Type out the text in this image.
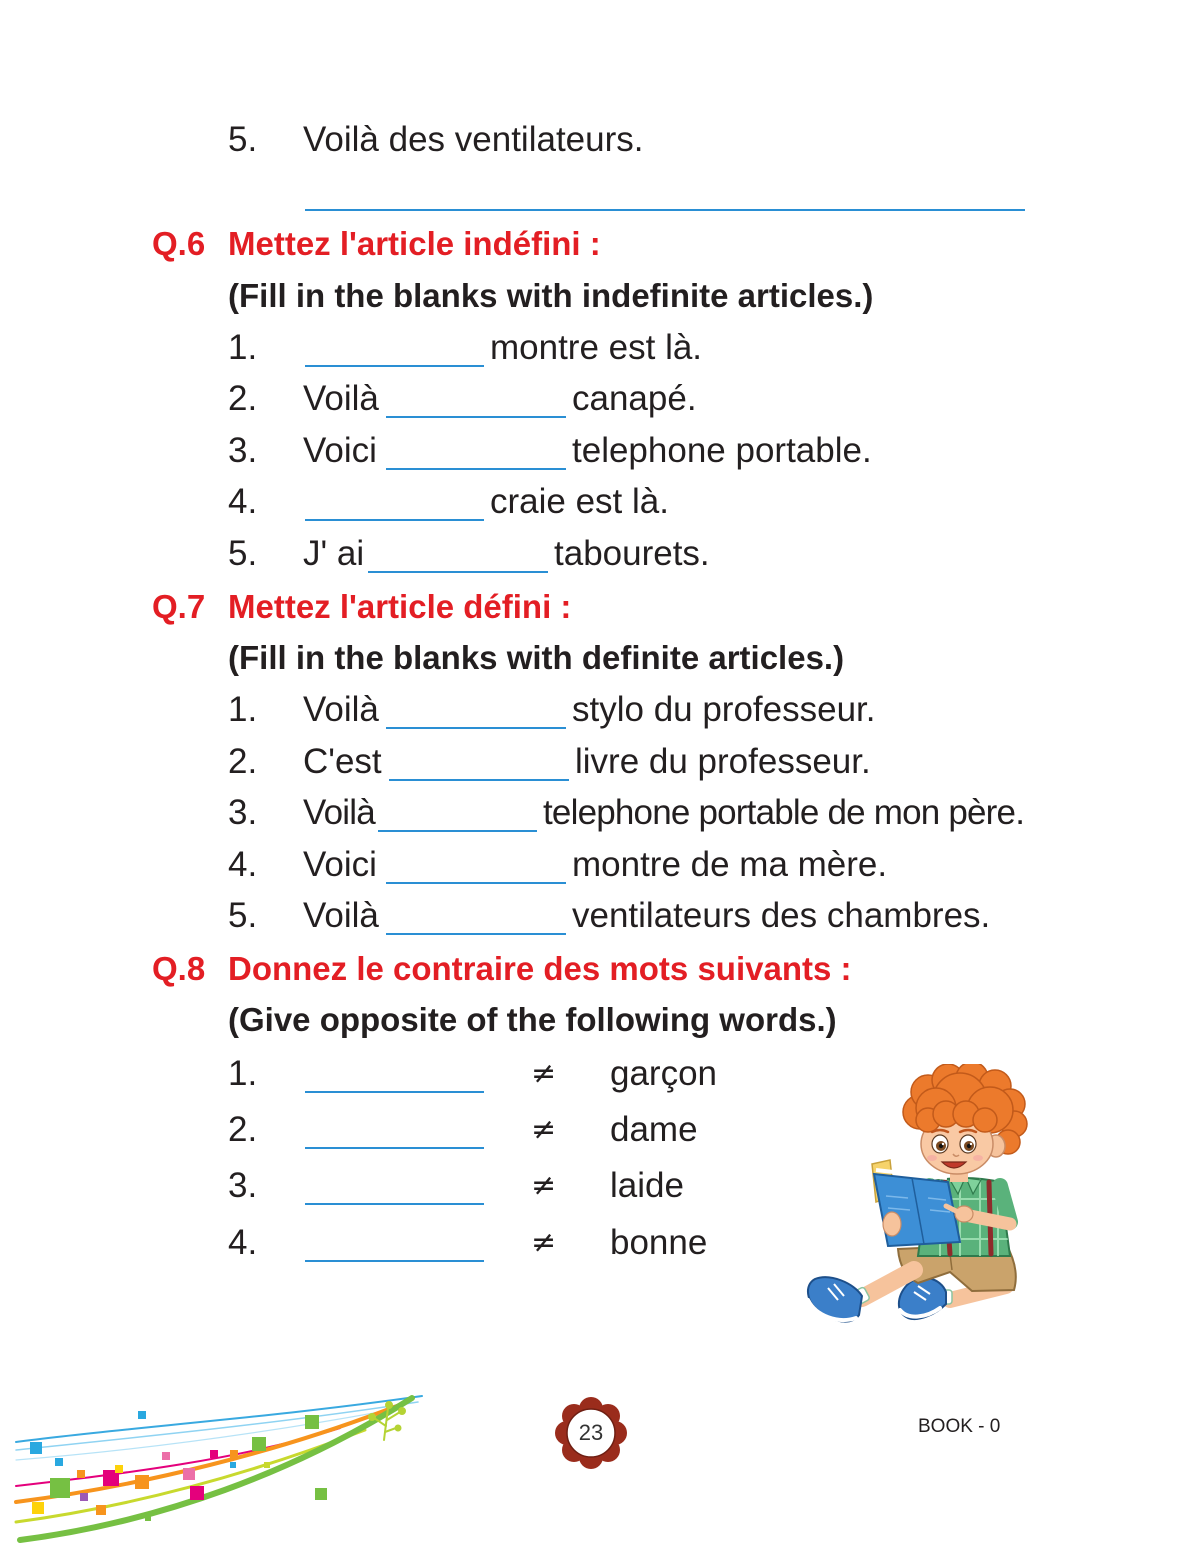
5. Voilà des ventilateurs.
Q.6 Mettez l'article indéfini :
(Fill in the blanks with indefinite articles.)
1.	montre est là.
2. Voilà	canapé.
3. Voici	telephone portable.
4.	craie est là.
5. J' ai	tabourets.
Q.7 Mettez l'article défini :
(Fill in the blanks with definite articles.)
1. Voilà	stylo du professeur.
2. C'est	livre du professeur.
3. Voilà	telephone portable de mon père.
4. Voici	montre de ma mère.
5. Voilà	ventilateurs des chambres.
Q.8 Donnez le contraire des mots suivants :
(Give opposite of the following words.)
1.	≠ garçon
2.	≠ dame
3.	≠ laide
4.	≠ bonne
23	BOOK - 0
